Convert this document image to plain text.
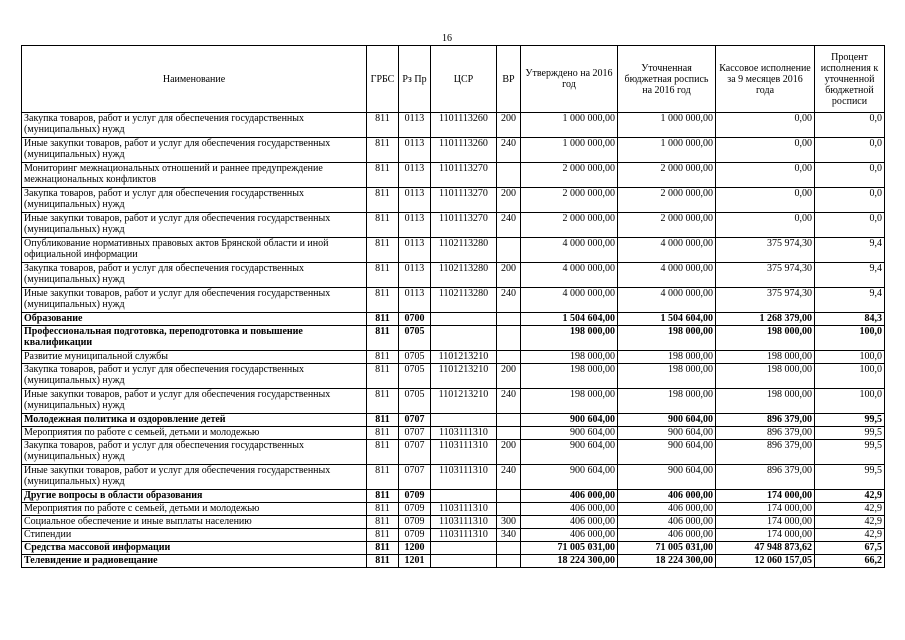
16
Наименование	ГРБС	Рз Пр	ЦСР	ВР	Утверждено на 2016 год	Уточненная бюджетная роспись на 2016 год	Кассовое исполнение за 9 месяцев 2016 года	Процент исполнения к уточненной бюджетной росписи
Закупка товаров, работ и услуг для обеспечения государственных (муниципальных) нужд	811	0113	1101113260	200	1 000 000,00	1 000 000,00	0,00	0,0
Иные закупки товаров, работ и услуг для обеспечения государственных (муниципальных) нужд	811	0113	1101113260	240	1 000 000,00	1 000 000,00	0,00	0,0
Мониторинг межнациональных отношений и раннее предупреждение межнациональных конфликтов	811	0113	1101113270		2 000 000,00	2 000 000,00	0,00	0,0
Закупка товаров, работ и услуг для обеспечения государственных (муниципальных) нужд	811	0113	1101113270	200	2 000 000,00	2 000 000,00	0,00	0,0
Иные закупки товаров, работ и услуг для обеспечения государственных (муниципальных) нужд	811	0113	1101113270	240	2 000 000,00	2 000 000,00	0,00	0,0
Опубликование нормативных правовых актов Брянской области и иной официальной информации	811	0113	1102113280		4 000 000,00	4 000 000,00	375 974,30	9,4
Закупка товаров, работ и услуг для обеспечения государственных (муниципальных) нужд	811	0113	1102113280	200	4 000 000,00	4 000 000,00	375 974,30	9,4
Иные закупки товаров, работ и услуг для обеспечения государственных (муниципальных) нужд	811	0113	1102113280	240	4 000 000,00	4 000 000,00	375 974,30	9,4
Образование	811	0700			1 504 604,00	1 504 604,00	1 268 379,00	84,3
Профессиональная подготовка, переподготовка и повышение квалификации	811	0705			198 000,00	198 000,00	198 000,00	100,0
Развитие муниципальной службы	811	0705	1101213210		198 000,00	198 000,00	198 000,00	100,0
Закупка товаров, работ и услуг для обеспечения государственных (муниципальных) нужд	811	0705	1101213210	200	198 000,00	198 000,00	198 000,00	100,0
Иные закупки товаров, работ и услуг для обеспечения государственных (муниципальных) нужд	811	0705	1101213210	240	198 000,00	198 000,00	198 000,00	100,0
Молодежная политика и оздоровление детей	811	0707			900 604,00	900 604,00	896 379,00	99,5
Мероприятия по работе с семьей, детьми и молодежью	811	0707	1103111310		900 604,00	900 604,00	896 379,00	99,5
Закупка товаров, работ и услуг для обеспечения государственных (муниципальных) нужд	811	0707	1103111310	200	900 604,00	900 604,00	896 379,00	99,5
Иные закупки товаров, работ и услуг для обеспечения государственных (муниципальных) нужд	811	0707	1103111310	240	900 604,00	900 604,00	896 379,00	99,5
Другие вопросы в области образования	811	0709			406 000,00	406 000,00	174 000,00	42,9
Мероприятия по работе с семьей, детьми и молодежью	811	0709	1103111310		406 000,00	406 000,00	174 000,00	42,9
Социальное обеспечение и иные выплаты населению	811	0709	1103111310	300	406 000,00	406 000,00	174 000,00	42,9
Стипендии	811	0709	1103111310	340	406 000,00	406 000,00	174 000,00	42,9
Средства массовой информации	811	1200			71 005 031,00	71 005 031,00	47 948 873,62	67,5
Телевидение и радиовещание	811	1201			18 224 300,00	18 224 300,00	12 060 157,05	66,2
